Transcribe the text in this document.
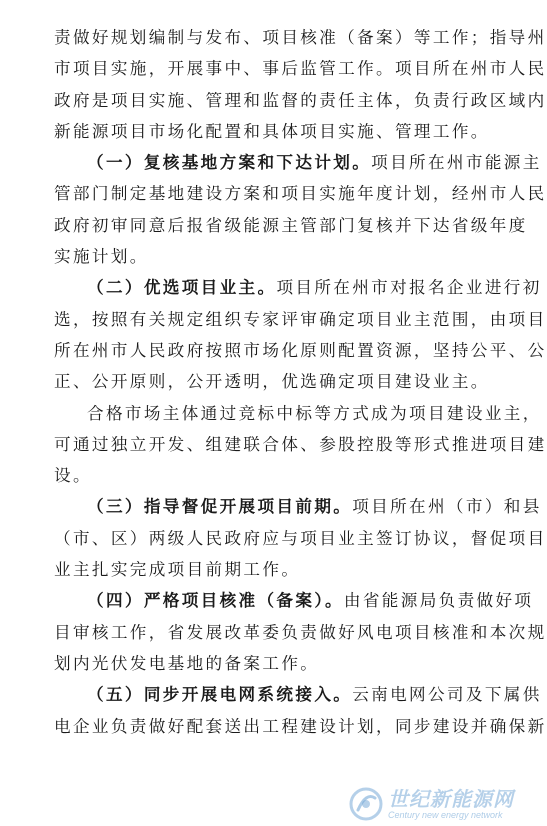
责做好规划编制与发布、项目核准（备案）等工作；指导州
市项目实施，开展事中、事后监管工作。项目所在州市人民
政府是项目实施、管理和监督的责任主体，负责行政区域内
新能源项目市场化配置和具体项目实施、管理工作。
（一）复核基地方案和下达计划。项目所在州市能源主
管部门制定基地建设方案和项目实施年度计划，经州市人民
政府初审同意后报省级能源主管部门复核并下达省级年度
实施计划。
（二）优选项目业主。项目所在州市对报名企业进行初
选，按照有关规定组织专家评审确定项目业主范围，由项目
所在州市人民政府按照市场化原则配置资源，坚持公平、公
正、公开原则，公开透明，优选确定项目建设业主。
合格市场主体通过竞标中标等方式成为项目建设业主，
可通过独立开发、组建联合体、参股控股等形式推进项目建
设。
（三）指导督促开展项目前期。项目所在州（市）和县
（市、区）两级人民政府应与项目业主签订协议，督促项目
业主扎实完成项目前期工作。
（四）严格项目核准（备案）。由省能源局负责做好项
目审核工作，省发展改革委负责做好风电项目核准和本次规
划内光伏发电基地的备案工作。
（五）同步开展电网系统接入。云南电网公司及下属供
电企业负责做好配套送出工程建设计划，同步建设并确保新
世纪新能源网
Century new energy network
